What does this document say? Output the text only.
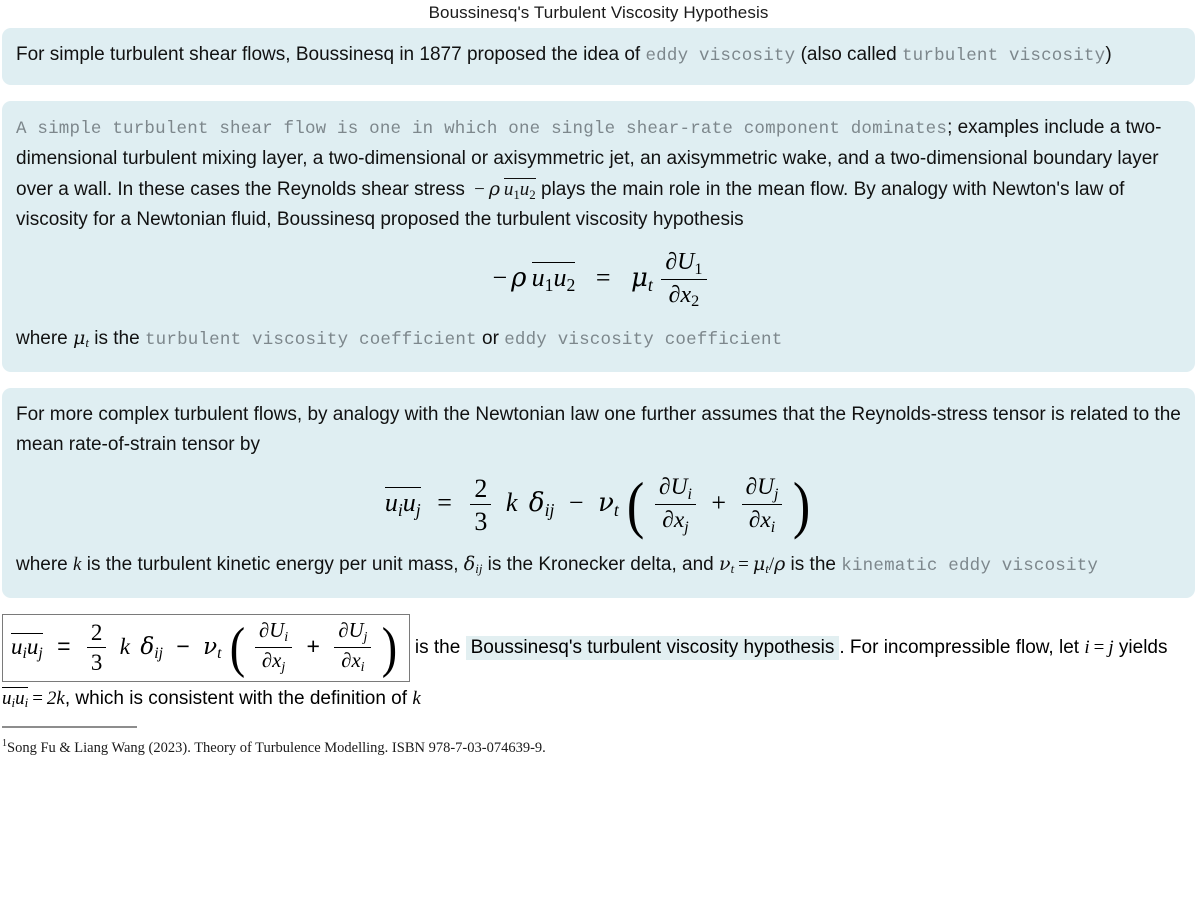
Boussinesq's Turbulent Viscosity Hypothesis

For simple turbulent shear flows, Boussinesq in 1877 proposed the idea of eddy viscosity (also called turbulent viscosity)

A simple turbulent shear flow is one in which one single shear-rate component dominates; examples include a two-dimensional turbulent mixing layer, a two-dimensional or axisymmetric jet, an axisymmetric wake, and a two-dimensional boundary layer over a wall. In these cases the Reynolds shear stress − ρ  u1u2 plays the main role in the mean flow. By analogy with Newton's law of viscosity for a Newtonian fluid, Boussinesq proposed the turbulent viscosity hypothesis

− ρ  u1u2 = μt $\frac{\partial U1}{\partial x2}$

where μt is the turbulent viscosity coefficient or eddy viscosity coefficient

For more complex turbulent flows, by analogy with the Newtonian law one further assumes that the Reynolds-stress tensor is related to the mean rate-of-strain tensor by

uiuj = $\frac{2}{3}$ k δij − νt ( $\frac{\partial Ui}{\partial xj} + \frac{\partial Uj}{\partial xi}$ )

where k is the turbulent kinetic energy per unit mass, δij is the Kronecker delta, and νt = μt/ρ is the kinematic eddy viscosity

uiuj = $\frac{2}{3}$ k δij − νt ( $\frac{\partial Ui}{\partial xj} + \frac{\partial Uj}{\partial xi}$ ) is the Boussinesq's turbulent viscosity hypothesis . For incompressible flow, let i = j yields uiui = 2k, which is consistent with the definition of k
$^1$Song Fu & Liang Wang (2023). Theory of Turbulence Modelling. ISBN 978-7-03-074639-9.
